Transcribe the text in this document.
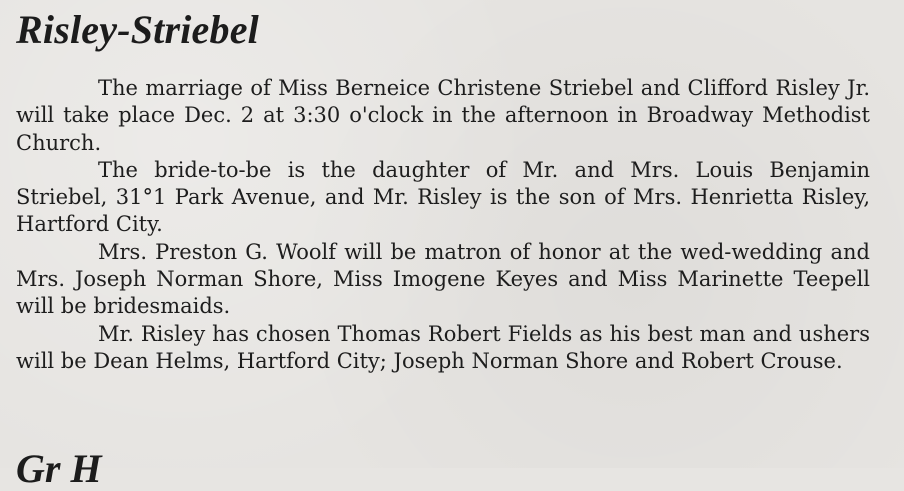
Risley-Striebel

The marriage of Miss Berneice Christene Striebel and Clifford Risley Jr. will take place Dec. 2 at 3:30 o'clock in the afternoon in Broadway Methodist Church.

The bride-to-be is the daughter of Mr. and Mrs. Louis Benjamin Striebel, 31°1 Park Avenue, and Mr. Risley is the son of Mrs. Henrietta Risley, Hartford City.

Mrs. Preston G. Woolf will be matron of honor at the wed-wedding and Mrs. Joseph Norman Shore, Miss Imogene Keyes and Miss Marinette Teepell will be bridesmaids.

Mr. Risley has chosen Thomas Robert Fields as his best man and ushers will be Dean Helms, Hartford City; Joseph Norman Shore and Robert Crouse.

Gr H
